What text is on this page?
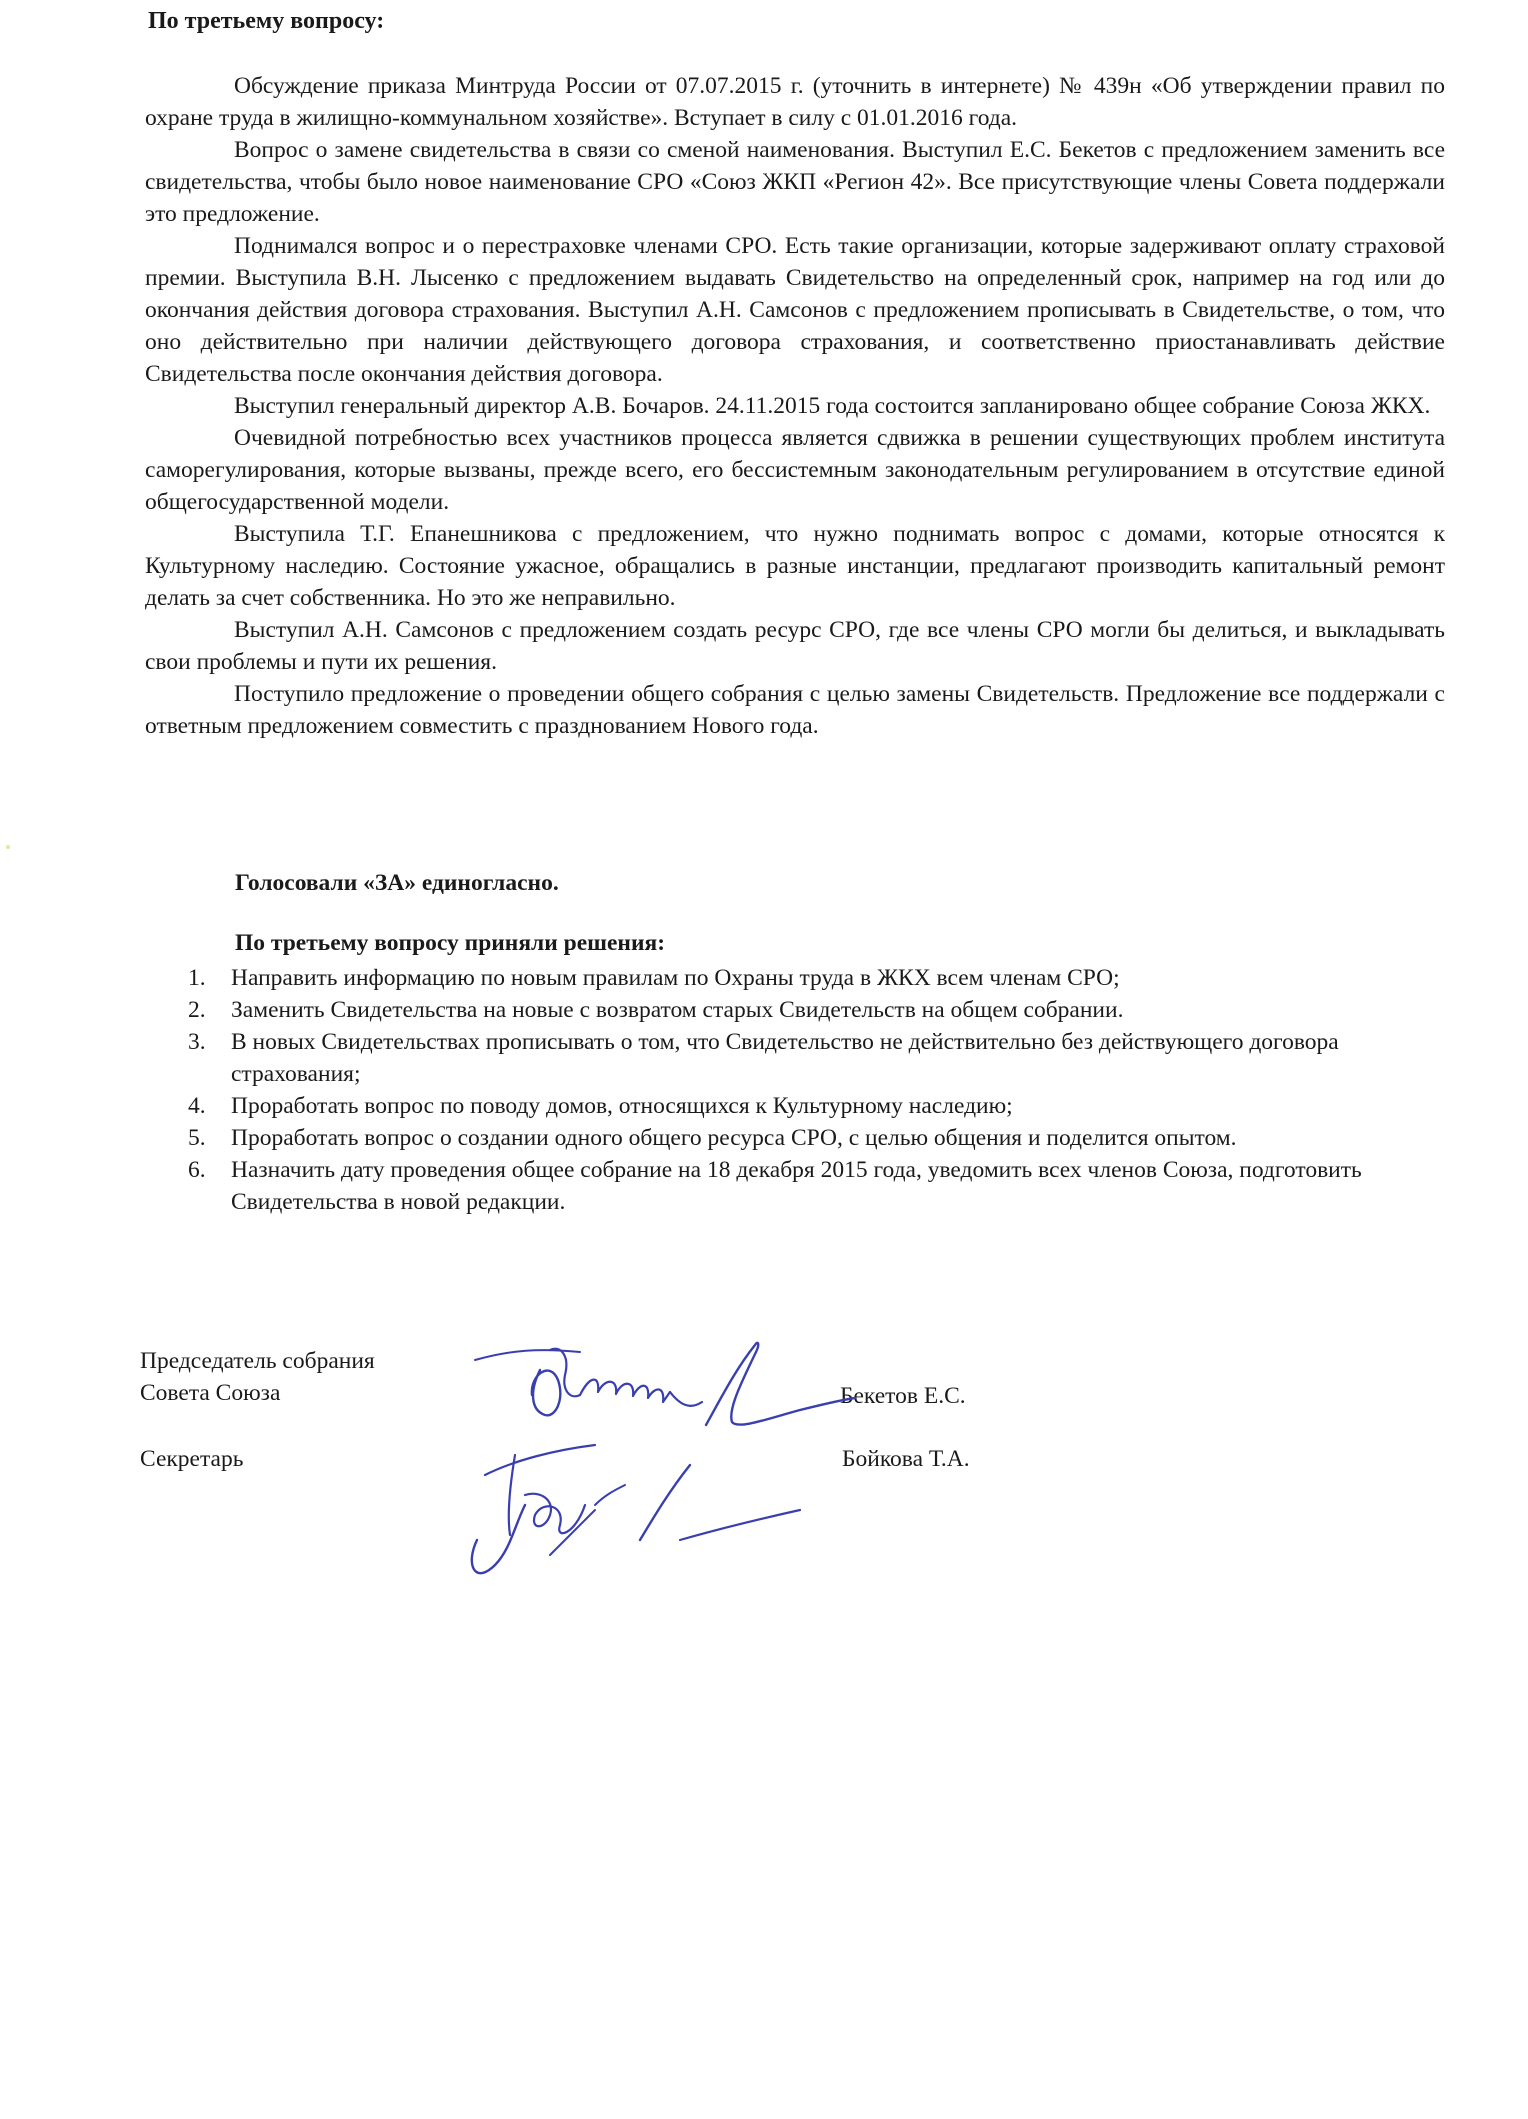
По третьему вопросу:

Обсуждение приказа Минтруда России от 07.07.2015 г. (уточнить в интернете) № 439н «Об утверждении правил по охране труда в жилищно-коммунальном хозяйстве». Вступает в силу с 01.01.2016 года.

Вопрос о замене свидетельства в связи со сменой наименования. Выступил Е.С. Бекетов с предложением заменить все свидетельства, чтобы было новое наименование СРО «Союз ЖКП «Регион 42». Все присутствующие члены Совета поддержали это предложение.

Поднимался вопрос и о перестраховке членами СРО. Есть такие организации, которые задерживают оплату страховой премии. Выступила В.Н. Лысенко с предложением выдавать Свидетельство на определенный срок, например на год или до окончания действия договора страхования. Выступил А.Н. Самсонов с предложением прописывать в Свидетельстве, о том, что оно действительно при наличии действующего договора страхования, и соответственно приостанавливать действие Свидетельства после окончания действия договора.

Выступил генеральный директор А.В. Бочаров. 24.11.2015 года состоится запланировано общее собрание Союза ЖКХ.

Очевидной потребностью всех участников процесса является сдвижка в решении существующих проблем института саморегулирования, которые вызваны, прежде всего, его бессистемным законодательным регулированием в отсутствие единой общегосударственной модели.

Выступила Т.Г. Епанешникова с предложением, что нужно поднимать вопрос с домами, которые относятся к Культурному наследию. Состояние ужасное, обращались в разные инстанции, предлагают производить капитальный ремонт делать за счет собственника. Но это же неправильно.

Выступил А.Н. Самсонов с предложением создать ресурс СРО, где все члены СРО могли бы делиться, и выкладывать свои проблемы и пути их решения.

Поступило предложение о проведении общего собрания с целью замены Свидетельств. Предложение все поддержали с ответным предложением совместить с празднованием Нового года.

Голосовали «ЗА» единогласно.

По третьему вопросу приняли решения:

1.	Направить информацию по новым правилам по Охраны труда в ЖКХ всем членам СРО;
2.	Заменить Свидетельства на новые с возвратом старых Свидетельств на общем собрании.
3.	В новых Свидетельствах прописывать о том, что Свидетельство не действительно без действующего договора страхования;
4.	Проработать вопрос по поводу домов, относящихся к Культурному наследию;
5.	Проработать вопрос о создании одного общего ресурса СРО, с целью общения и поделится опытом.
6.	Назначить дату проведения общее собрание на 18 декабря 2015 года, уведомить всех членов Союза, подготовить Свидетельства в новой редакции.
Председатель собрания
Совета Союза	Бекетов Е.С.
Секретарь	Бойкова Т.А.
